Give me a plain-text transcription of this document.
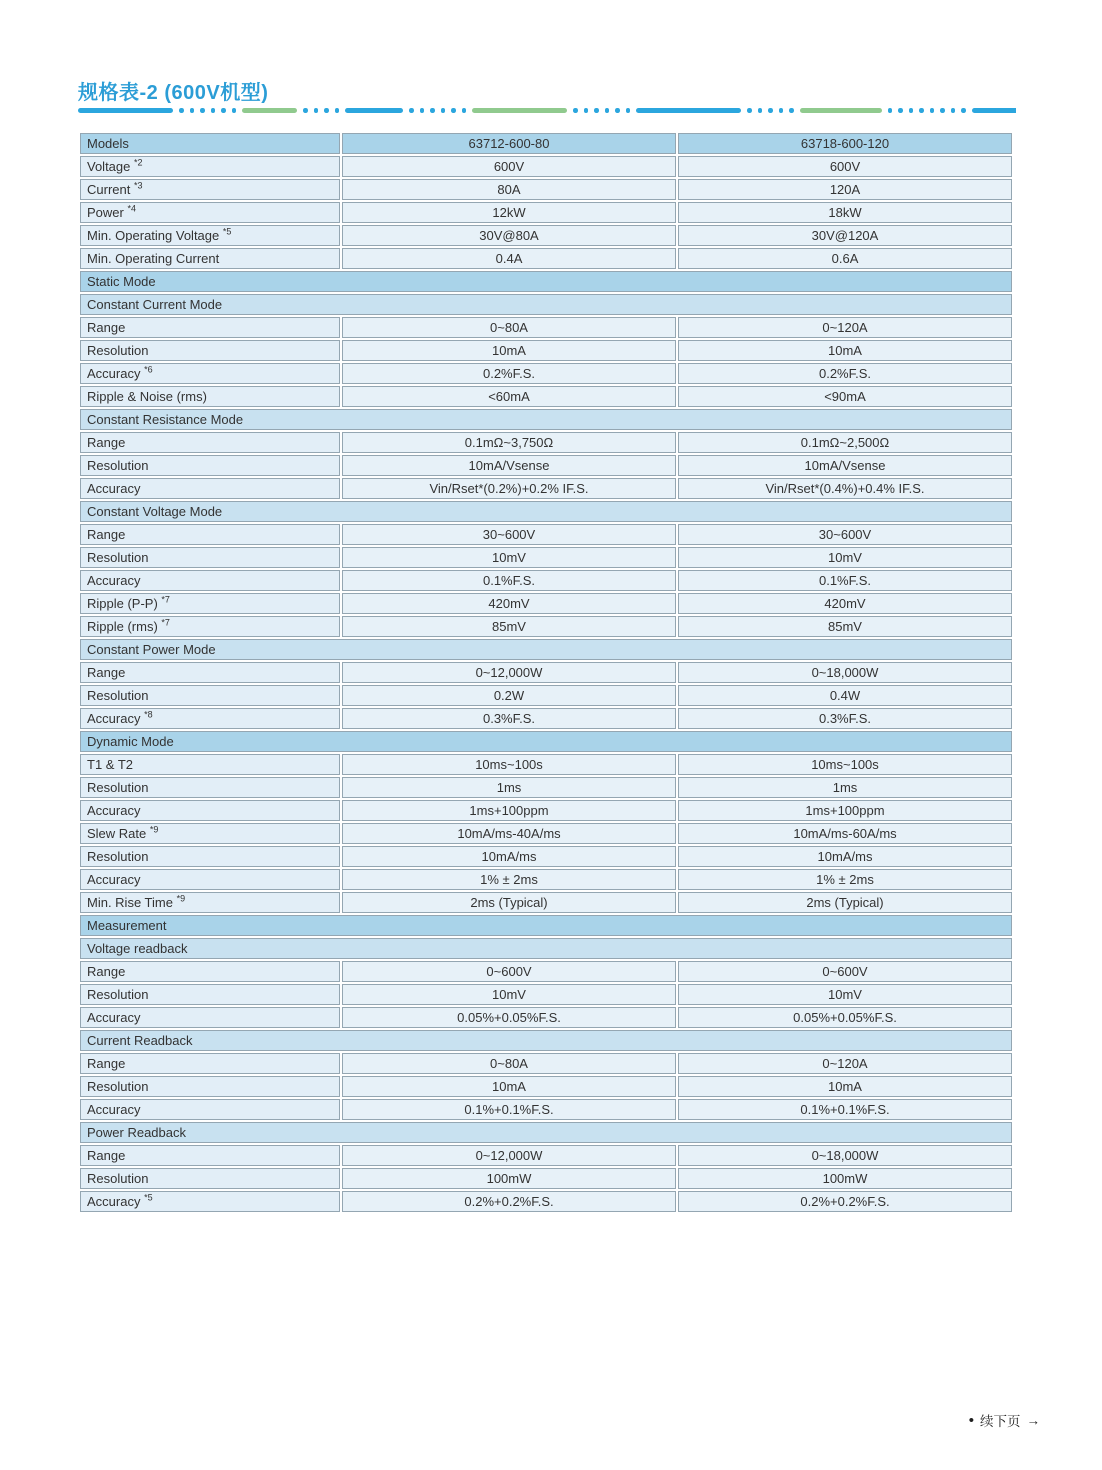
规格表-2 (600V机型)
Models	63712-600-80	63718-600-120
Voltage $^{*2}$	600V	600V
Current $^{*3}$	80A	120A
Power $^{*4}$	12kW	18kW
Min. Operating Voltage $^{*5}$	30V@80A	30V@120A
Min. Operating Current	0.4A	0.6A
Static Mode		
Constant Current Mode		
Range	0~80A	0~120A
Resolution	10mA	10mA
Accuracy $^{*6}$	0.2%F.S.	0.2%F.S.
Ripple & Noise (rms)	<60mA	<90mA
Constant Resistance Mode		
Range	0.1mΩ~3,750Ω	0.1mΩ~2,500Ω
Resolution	10mA/Vsense	10mA/Vsense
Accuracy	Vin/Rset*(0.2%)+0.2% IF.S.	Vin/Rset*(0.4%)+0.4% IF.S.
Constant Voltage Mode		
Range	30~600V	30~600V
Resolution	10mV	10mV
Accuracy	0.1%F.S.	0.1%F.S.
Ripple (P-P) $^{*7}$	420mV	420mV
Ripple (rms) $^{*7}$	85mV	85mV
Constant Power Mode		
Range	0~12,000W	0~18,000W
Resolution	0.2W	0.4W
Accuracy $^{*8}$	0.3%F.S.	0.3%F.S.
Dynamic Mode		
T1 & T2	10ms~100s	10ms~100s
Resolution	1ms	1ms
Accuracy	1ms+100ppm	1ms+100ppm
Slew Rate $^{*9}$	10mA/ms-40A/ms	10mA/ms-60A/ms
Resolution	10mA/ms	10mA/ms
Accuracy	1% ± 2ms	1% ± 2ms
Min. Rise Time $^{*9}$	2ms (Typical)	2ms (Typical)
Measurement		
Voltage readback		
Range	0~600V	0~600V
Resolution	10mV	10mV
Accuracy	0.05%+0.05%F.S.	0.05%+0.05%F.S.
Current Readback		
Range	0~80A	0~120A
Resolution	10mA	10mA
Accuracy	0.1%+0.1%F.S.	0.1%+0.1%F.S.
Power Readback		
Range	0~12,000W	0~18,000W
Resolution	100mW	100mW
Accuracy $^{*5}$	0.2%+0.2%F.S.	0.2%+0.2%F.S.
• 续下页 →
